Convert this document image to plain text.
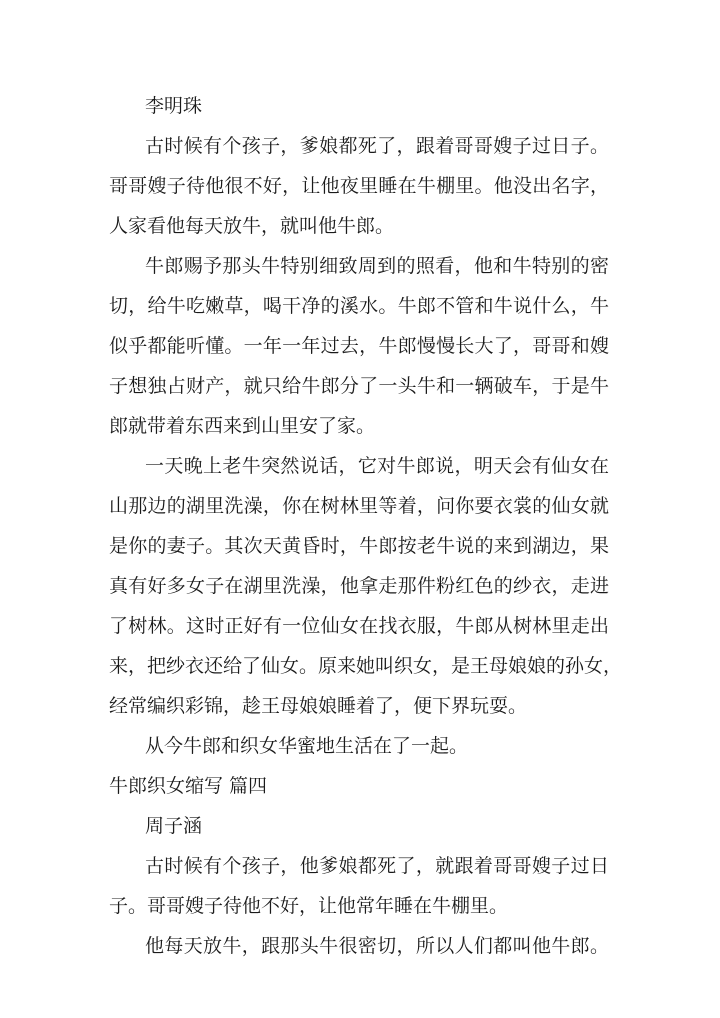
李明珠
古时候有个孩子，爹娘都死了，跟着哥哥嫂子过日子。
哥哥嫂子待他很不好，让他夜里睡在牛棚里。他没出名字，
人家看他每天放牛，就叫他牛郎。
牛郎赐予那头牛特别细致周到的照看，他和牛特别的密
切，给牛吃嫩草，喝干净的溪水。牛郎不管和牛说什么，牛
似乎都能听懂。一年一年过去，牛郎慢慢长大了，哥哥和嫂
子想独占财产，就只给牛郎分了一头牛和一辆破车，于是牛
郎就带着东西来到山里安了家。
一天晚上老牛突然说话，它对牛郎说，明天会有仙女在
山那边的湖里洗澡，你在树林里等着，问你要衣裳的仙女就
是你的妻子。其次天黄昏时，牛郎按老牛说的来到湖边，果
真有好多女子在湖里洗澡，他拿走那件粉红色的纱衣，走进
了树林。这时正好有一位仙女在找衣服，牛郎从树林里走出
来，把纱衣还给了仙女。原来她叫织女，是王母娘娘的孙女，
经常编织彩锦，趁王母娘娘睡着了，便下界玩耍。
从今牛郎和织女华蜜地生活在了一起。
牛郎织女缩写 篇四
周子涵
古时候有个孩子，他爹娘都死了，就跟着哥哥嫂子过日
子。哥哥嫂子待他不好，让他常年睡在牛棚里。
他每天放牛，跟那头牛很密切，所以人们都叫他牛郎。
